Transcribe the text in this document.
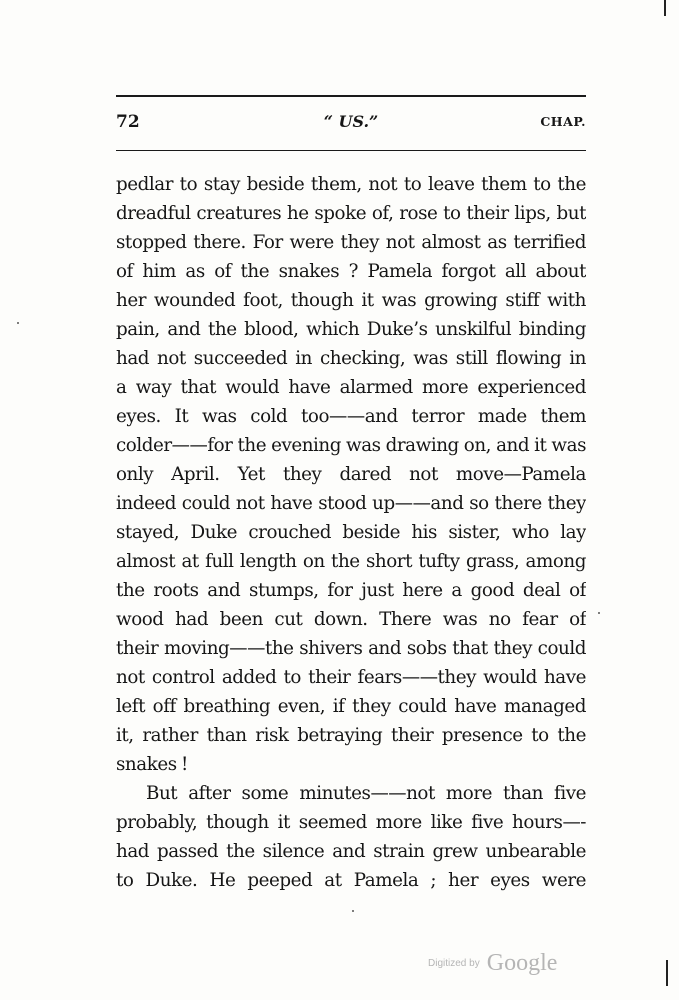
72	“ US.”	CHAP.
pedlar to stay beside them, not to leave them to the
dreadful creatures he spoke of, rose to their lips, but
stopped there. For were they not almost as terrified
of him as of the snakes ? Pamela forgot all about
her wounded foot, though it was growing stiff with
pain, and the blood, which Duke’s unskilful binding
had not succeeded in checking, was still flowing in
a way that would have alarmed more experienced
eyes. It was cold too——and terror made them
colder——for the evening was drawing on, and it was
only April. Yet they dared not move—Pamela
indeed could not have stood up——and so there they
stayed, Duke crouched beside his sister, who lay
almost at full length on the short tufty grass, among
the roots and stumps, for just here a good deal of
wood had been cut down. There was no fear of
their moving——the shivers and sobs that they could
not control added to their fears——they would have
left off breathing even, if they could have managed
it, rather than risk betraying their presence to the
snakes !
But after some minutes——not more than five
probably, though it seemed more like five hours—-
had passed the silence and strain grew unbearable
to Duke. He peeped at Pamela ; her eyes were
Digitized by Google
